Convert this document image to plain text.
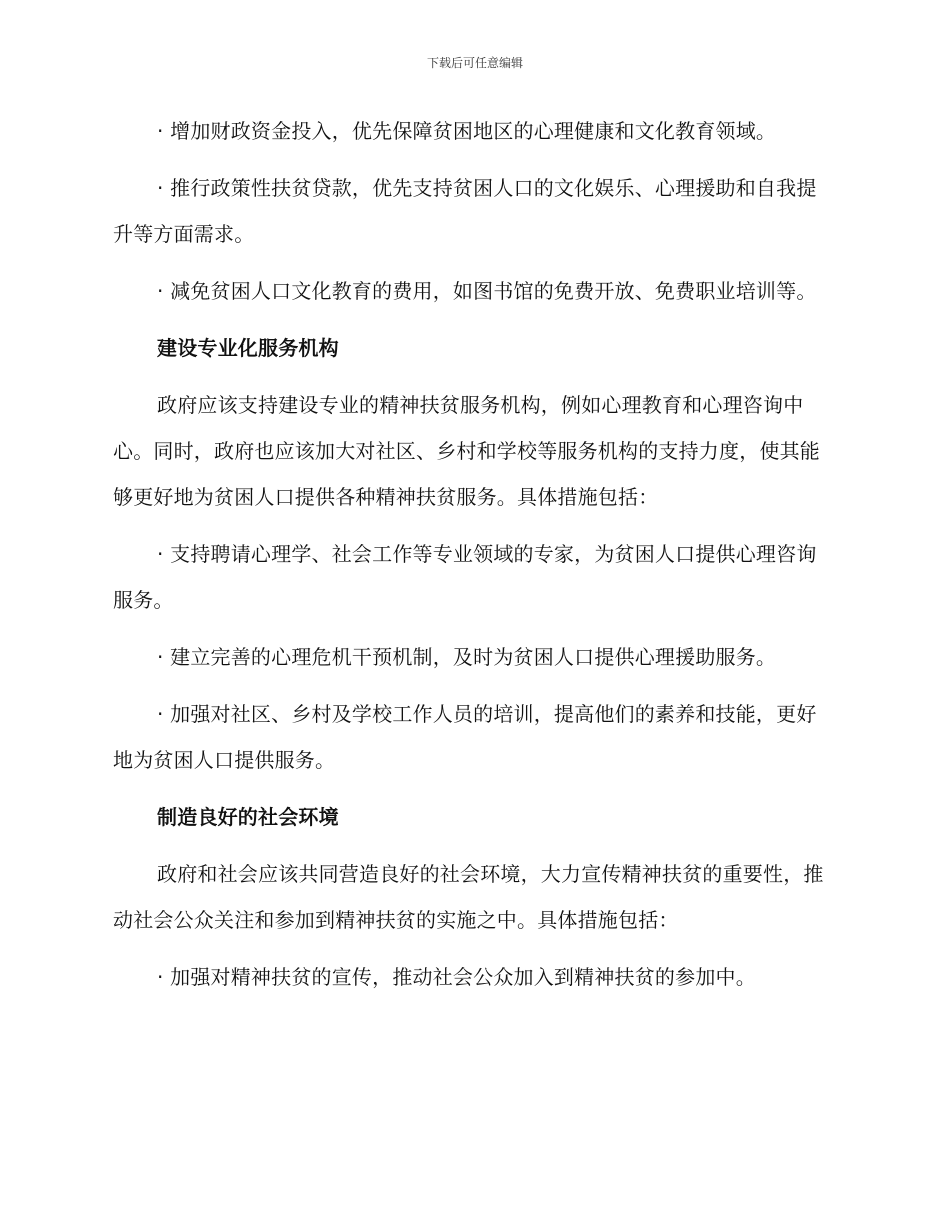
下载后可任意编辑

· 增加财政资金投入，优先保障贫困地区的心理健康和文化教育领域。

· 推行政策性扶贫贷款，优先支持贫困人口的文化娱乐、心理援助和自我提升等方面需求。

· 减免贫困人口文化教育的费用，如图书馆的免费开放、免费职业培训等。

建设专业化服务机构

政府应该支持建设专业的精神扶贫服务机构，例如心理教育和心理咨询中心。同时，政府也应该加大对社区、乡村和学校等服务机构的支持力度，使其能够更好地为贫困人口提供各种精神扶贫服务。具体措施包括：

· 支持聘请心理学、社会工作等专业领域的专家，为贫困人口提供心理咨询服务。

· 建立完善的心理危机干预机制，及时为贫困人口提供心理援助服务。

· 加强对社区、乡村及学校工作人员的培训，提高他们的素养和技能，更好地为贫困人口提供服务。

制造良好的社会环境

政府和社会应该共同营造良好的社会环境，大力宣传精神扶贫的重要性，推动社会公众关注和参加到精神扶贫的实施之中。具体措施包括：

· 加强对精神扶贫的宣传，推动社会公众加入到精神扶贫的参加中。
